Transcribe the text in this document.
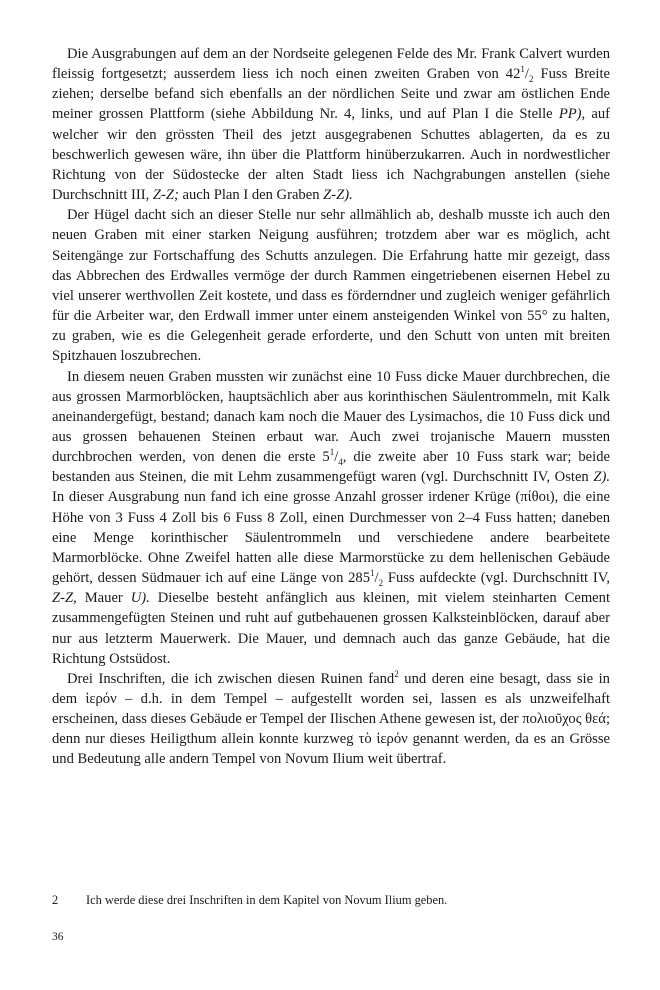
Die Ausgrabungen auf dem an der Nordseite gelegenen Felde des Mr. Frank Calvert wurden fleissig fortgesetzt; ausserdem liess ich noch einen zweiten Graben von $42^1/_2$ Fuss Breite ziehen; derselbe befand sich ebenfalls an der nördlichen Seite und zwar am östlichen Ende meiner grossen Plattform (siehe Abbildung Nr. 4, links, und auf Plan I die Stelle PP), auf welcher wir den grössten Theil des jetzt ausgegrabenen Schuttes ablagerten, da es zu beschwerlich gewesen wäre, ihn über die Plattform hinüberzukarren. Auch in nordwestlicher Richtung von der Südostecke der alten Stadt liess ich Nachgrabungen anstellen (siehe Durchschnitt III, Z-Z; auch Plan I den Graben Z-Z).

Der Hügel dacht sich an dieser Stelle nur sehr allmählich ab, deshalb musste ich auch den neuen Graben mit einer starken Neigung ausführen; trotzdem aber war es möglich, acht Seitengänge zur Fortschaffung des Schutts anzulegen. Die Erfahrung hatte mir gezeigt, dass das Abbrechen des Erdwalles vermöge der durch Rammen eingetriebenen eisernen Hebel zu viel unserer werthvollen Zeit kostete, und dass es förderndner und zugleich weniger gefährlich für die Arbeiter war, den Erdwall immer unter einem ansteigenden Winkel von 55° zu halten, zu graben, wie es die Gelegenheit gerade erforderte, und den Schutt von unten mit breiten Spitzhauen loszubrechen.

In diesem neuen Graben mussten wir zunächst eine 10 Fuss dicke Mauer durchbrechen, die aus grossen Marmorblöcken, hauptsächlich aber aus korinthischen Säulentrommeln, mit Kalk aneinandergefügt, bestand; danach kam noch die Mauer des Lysimachos, die 10 Fuss dick und aus grossen behauenen Steinen erbaut war. Auch zwei trojanische Mauern mussten durchbrochen werden, von denen die erste $5^1/_4$, die zweite aber 10 Fuss stark war; beide bestanden aus Steinen, die mit Lehm zusammengefügt waren (vgl. Durchschnitt IV, Osten Z). In dieser Ausgrabung nun fand ich eine grosse Anzahl grosser irdener Krüge (πίθοι), die eine Höhe von 3 Fuss 4 Zoll bis 6 Fuss 8 Zoll, einen Durchmesser von 2–4 Fuss hatten; daneben eine Menge korinthischer Säulentrommeln und verschiedene andere bearbeitete Marmorblöcke. Ohne Zweifel hatten alle diese Marmorstücke zu dem hellenischen Gebäude gehört, dessen Südmauer ich auf eine Länge von $285^1/_2$ Fuss aufdeckte (vgl. Durchschnitt IV, Z-Z, Mauer U). Dieselbe besteht anfänglich aus kleinen, mit vielem steinharten Cement zusammengefügten Steinen und ruht auf gutbehauenen grossen Kalksteinblöcken, darauf aber nur aus letzterm Mauerwerk. Die Mauer, und demnach auch das ganze Gebäude, hat die Richtung Ostsüdost.

Drei Inschriften, die ich zwischen diesen Ruinen fand$^2$ und deren eine besagt, dass sie in dem ἱερόν – d.h. in dem Tempel – aufgestellt worden sei, lassen es als unzweifelhaft erscheinen, dass dieses Gebäude er Tempel der Ilischen Athene gewesen ist, der πολιοῦχος θεά; denn nur dieses Heiligthum allein konnte kurzweg τὸ ἱερόν genannt werden, da es an Grösse und Bedeutung alle andern Tempel von Novum Ilium weit übertraf.

2 Ich werde diese drei Inschriften in dem Kapitel von Novum Ilium geben.
36
